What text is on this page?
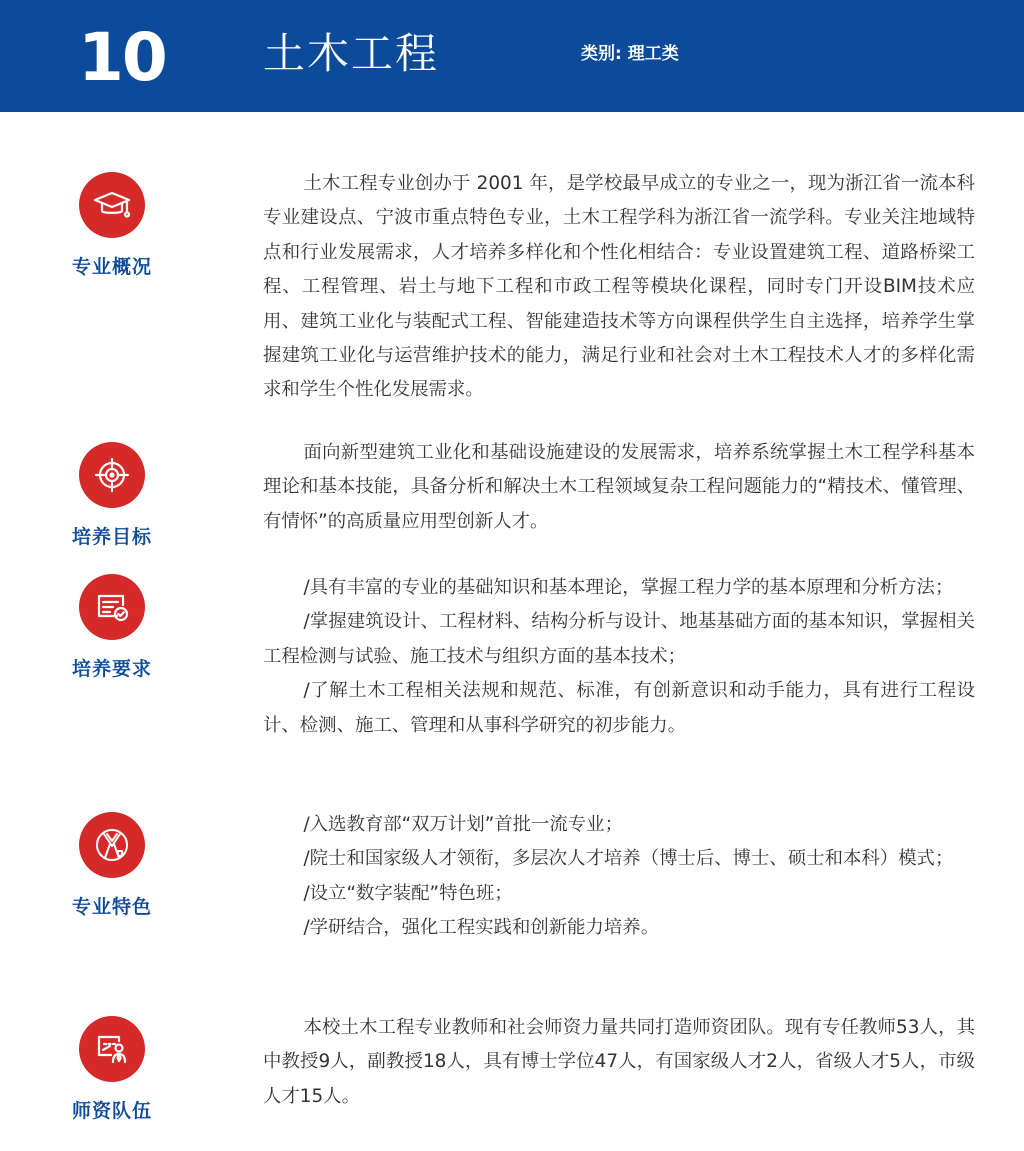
10 土木工程	类别: 理工类
专业概况

土木工程专业创办于 2001 年，是学校最早成立的专业之一，现为浙江省一流本科专业建设点、宁波市重点特色专业，土木工程学科为浙江省一流学科。专业关注地域特点和行业发展需求，人才培养多样化和个性化相结合：专业设置建筑工程、道路桥梁工程、工程管理、岩土与地下工程和市政工程等模块化课程，同时专门开设BIM技术应用、建筑工业化与装配式工程、智能建造技术等方向课程供学生自主选择，培养学生掌握建筑工业化与运营维护技术的能力，满足行业和社会对土木工程技术人才的多样化需求和学生个性化发展需求。

培养目标

面向新型建筑工业化和基础设施建设的发展需求，培养系统掌握土木工程学科基本理论和基本技能，具备分析和解决土木工程领域复杂工程问题能力的“精技术、懂管理、有情怀”的高质量应用型创新人才。

培养要求

/具有丰富的专业的基础知识和基本理论，掌握工程力学的基本原理和分析方法；

/掌握建筑设计、工程材料、结构分析与设计、地基基础方面的基本知识，掌握相关工程检测与试验、施工技术与组织方面的基本技术；

/了解土木工程相关法规和规范、标准，有创新意识和动手能力，具有进行工程设计、检测、施工、管理和从事科学研究的初步能力。

专业特色

/入选教育部“双万计划”首批一流专业；

/院士和国家级人才领衔，多层次人才培养（博士后、博士、硕士和本科）模式；

/设立“数字装配”特色班；

/学研结合，强化工程实践和创新能力培养。

师资队伍

本校土木工程专业教师和社会师资力量共同打造师资团队。现有专任教师53人，其中教授9人，副教授18人，具有博士学位47人，有国家级人才2人，省级人才5人，市级人才15人。
